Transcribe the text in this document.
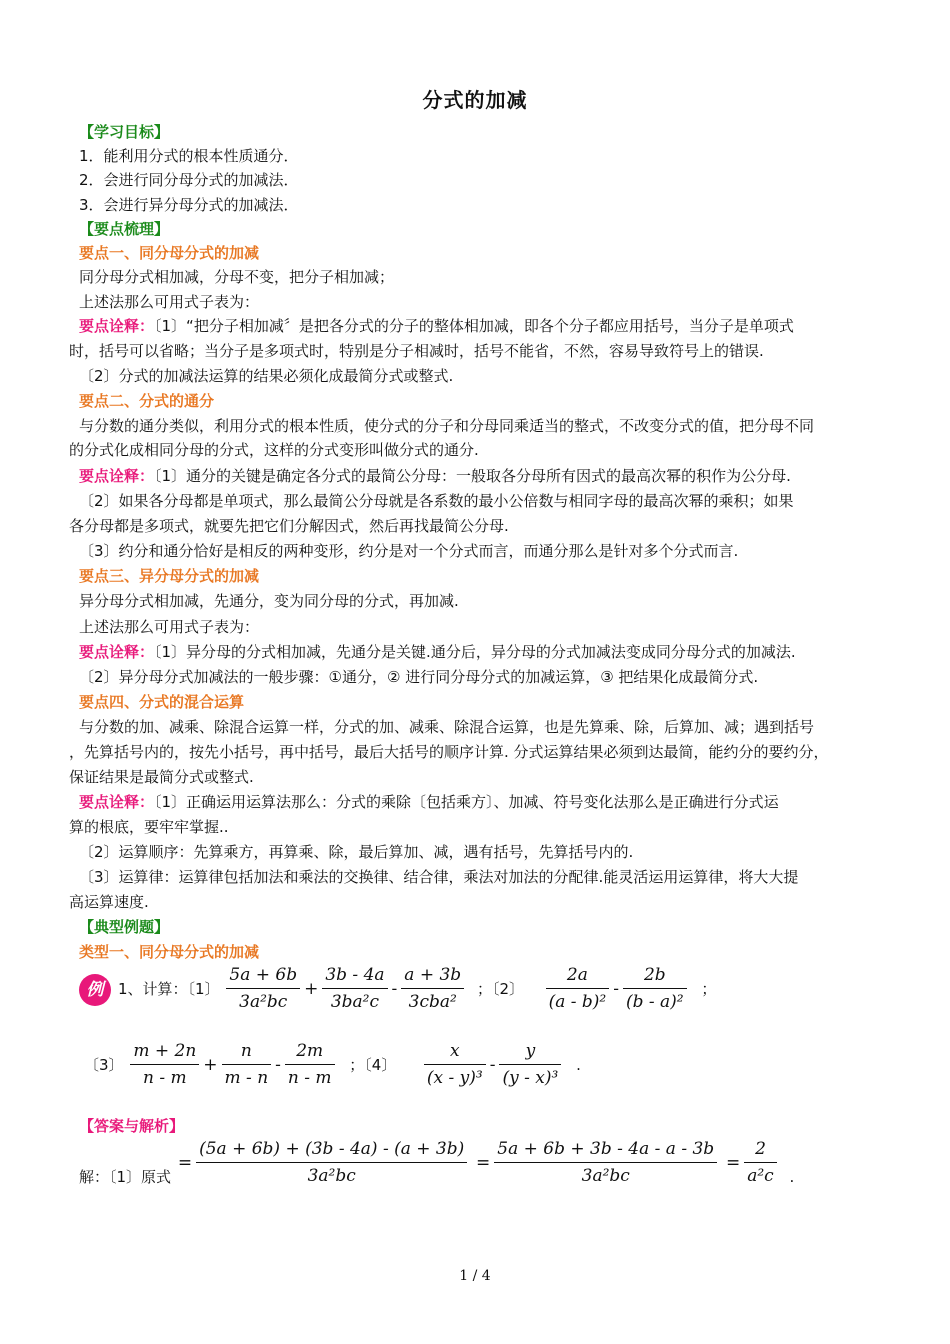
分式的加减
【学习目标】
1．能利用分式的根本性质通分．
2．会进行同分母分式的加减法．
3．会进行异分母分式的加减法．
【要点梳理】
要点一、同分母分式的加减
同分母分式相加减，分母不变，把分子相加减；
上述法那么可用式子表为：
要点诠释：〔1〕“把分子相加减〞是把各分式的分子的整体相加减，即各个分子都应用括号，当分子是单项式
时，括号可以省略；当分子是多项式时，特别是分子相减时，括号不能省，不然，容易导致符号上的错误.
〔2〕分式的加减法运算的结果必须化成最简分式或整式.
要点二、分式的通分
与分数的通分类似，利用分式的根本性质，使分式的分子和分母同乘适当的整式，不改变分式的值，把分母不同
的分式化成相同分母的分式，这样的分式变形叫做分式的通分.
要点诠释：〔1〕通分的关键是确定各分式的最简公分母：一般取各分母所有因式的最高次幂的积作为公分母.
〔2〕如果各分母都是单项式，那么最简公分母就是各系数的最小公倍数与相同字母的最高次幂的乘积；如果
各分母都是多项式，就要先把它们分解因式，然后再找最简公分母.
〔3〕约分和通分恰好是相反的两种变形，约分是对一个分式而言，而通分那么是针对多个分式而言.
要点三、异分母分式的加减
异分母分式相加减，先通分，变为同分母的分式，再加减.
上述法那么可用式子表为：
要点诠释：〔1〕异分母的分式相加减，先通分是关键.通分后，异分母的分式加减法变成同分母分式的加减法.
〔2〕异分母分式加减法的一般步骤：①通分，② 进行同分母分式的加减运算，③ 把结果化成最简分式.
要点四、分式的混合运算
与分数的加、减乘、除混合运算一样，分式的加、减乘、除混合运算，也是先算乘、除，后算加、减；遇到括号
，先算括号内的，按先小括号，再中括号，最后大括号的顺序计算. 分式运算结果必须到达最简，能约分的要约分，
保证结果是最简分式或整式.
要点诠释：〔1〕正确运用运算法那么：分式的乘除〔包括乘方〕、加减、符号变化法那么是正确进行分式运
算的根底，要牢牢掌握..
〔2〕运算顺序：先算乘方，再算乘、除，最后算加、减，遇有括号，先算括号内的.
〔3〕运算律：运算律包括加法和乘法的交换律、结合律，乘法对加法的分配律.能灵活运用运算律，将大大提
高运算速度.
【典型例题】
类型一、同分母分式的加减
例 1、计算：〔1〕 $\frac{5a + 6b}{\text{3a²bc}} + \frac{3b - 4a}{\text{3ba²c}} - \frac{a + 3b}{\text{3cba²}}$ ；〔2〕 $\frac{2a}{\text{(a - b)²}} - \frac{2b}{\text{(b - a)²}}$ ；
〔3〕 $\frac{m + 2n}{n - m} + \frac{n}{m - n} - \frac{2m}{n - m}$ ；〔4〕 $\frac{x}{\text{(x - y)³}} - \frac{y}{\text{(y - x)³}}$ .
【答案与解析】
解：〔1〕原式 = $\frac{(5a + 6b) + (3b - 4a) - (a + 3b)}{\text{3a²bc}} = \frac{5a + 6b + 3b - 4a - a - 3b}{\text{3a²bc}} = \frac{2}{\text{a²c}}$ .
1 / 4
